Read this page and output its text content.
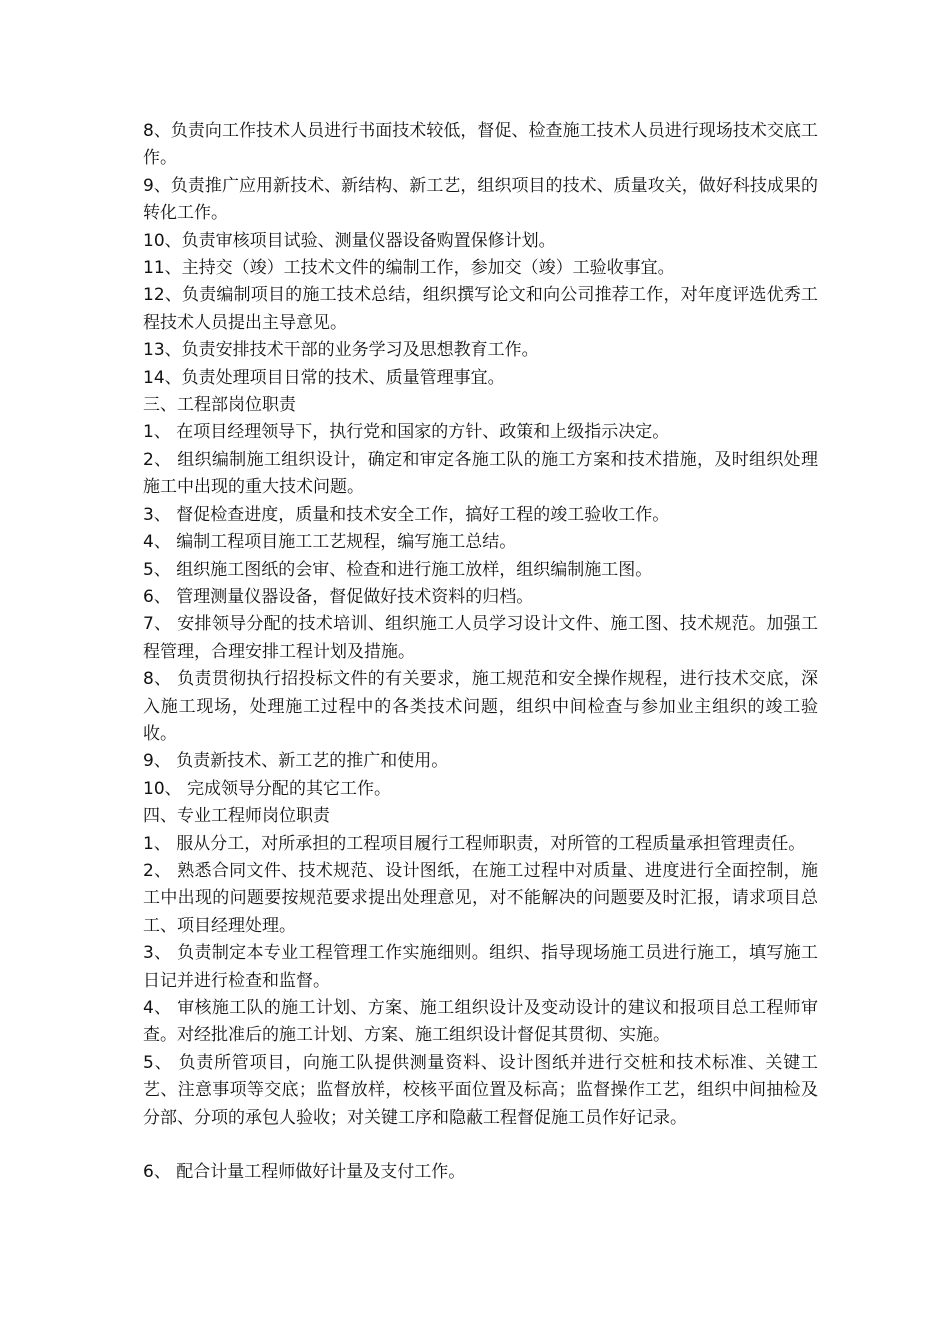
8、负责向工作技术人员进行书面技术较低，督促、检查施工技术人员进行现场技术交底工作。

9、负责推广应用新技术、新结构、新工艺，组织项目的技术、质量攻关，做好科技成果的转化工作。

10、负责审核项目试验、测量仪器设备购置保修计划。

11、主持交（竣）工技术文件的编制工作，参加交（竣）工验收事宜。

12、负责编制项目的施工技术总结，组织撰写论文和向公司推荐工作，对年度评选优秀工程技术人员提出主导意见。

13、负责安排技术干部的业务学习及思想教育工作。

14、负责处理项目日常的技术、质量管理事宜。

三、工程部岗位职责

1、 在项目经理领导下，执行党和国家的方针、政策和上级指示决定。

2、 组织编制施工组织设计，确定和审定各施工队的施工方案和技术措施，及时组织处理施工中出现的重大技术问题。

3、 督促检查进度，质量和技术安全工作，搞好工程的竣工验收工作。

4、 编制工程项目施工工艺规程，编写施工总结。

5、 组织施工图纸的会审、检查和进行施工放样，组织编制施工图。

6、 管理测量仪器设备，督促做好技术资料的归档。

7、 安排领导分配的技术培训、组织施工人员学习设计文件、施工图、技术规范。加强工程管理，合理安排工程计划及措施。

8、 负责贯彻执行招投标文件的有关要求，施工规范和安全操作规程，进行技术交底，深入施工现场，处理施工过程中的各类技术问题，组织中间检查与参加业主组织的竣工验收。

9、 负责新技术、新工艺的推广和使用。

10、 完成领导分配的其它工作。

四、专业工程师岗位职责

1、 服从分工，对所承担的工程项目履行工程师职责，对所管的工程质量承担管理责任。

2、 熟悉合同文件、技术规范、设计图纸，在施工过程中对质量、进度进行全面控制，施工中出现的问题要按规范要求提出处理意见，对不能解决的问题要及时汇报，请求项目总工、项目经理处理。

3、 负责制定本专业工程管理工作实施细则。组织、指导现场施工员进行施工，填写施工日记并进行检查和监督。

4、 审核施工队的施工计划、方案、施工组织设计及变动设计的建议和报项目总工程师审查。对经批准后的施工计划、方案、施工组织设计督促其贯彻、实施。

5、 负责所管项目，向施工队提供测量资料、设计图纸并进行交桩和技术标准、关键工艺、注意事项等交底；监督放样，校核平面位置及标高；监督操作工艺，组织中间抽检及分部、分项的承包人验收；对关键工序和隐蔽工程督促施工员作好记录。

6、 配合计量工程师做好计量及支付工作。
